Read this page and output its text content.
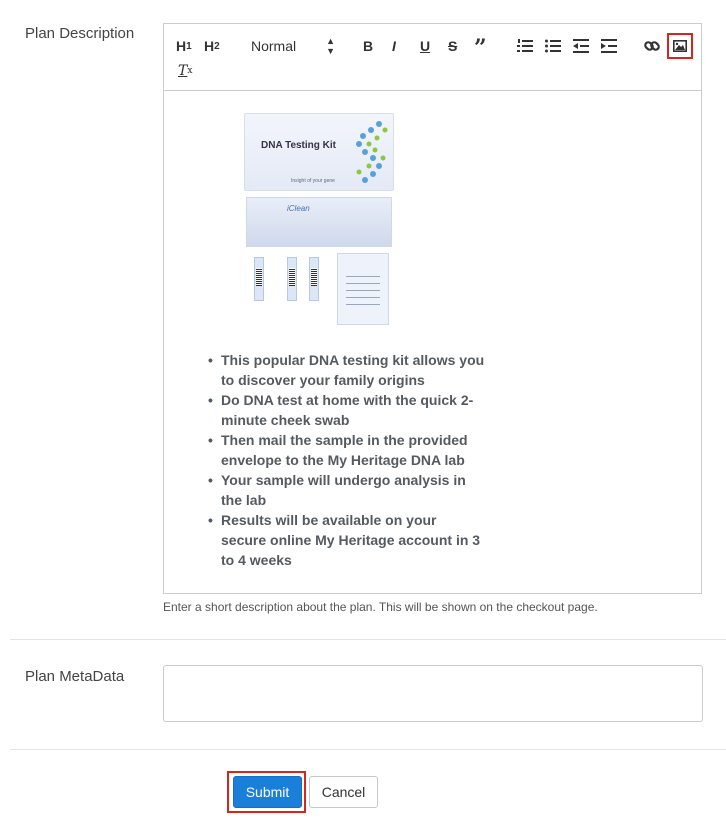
Plan Description
H 1 H 2 Normal	▲
▼ B I U S ”
T x
DNA Testing Kit
Insight of your gene
iClean
• This popular DNA testing kit allows you to discover your family origins
• Do DNA test at home with the quick 2-minute cheek swab
• Then mail the sample in the provided envelope to the My Heritage DNA lab
• Your sample will undergo analysis in the lab
• Results will be available on your secure online My Heritage account in 3 to 4 weeks
Enter a short description about the plan. This will be shown on the checkout page.
Plan MetaData
Submit	Cancel
